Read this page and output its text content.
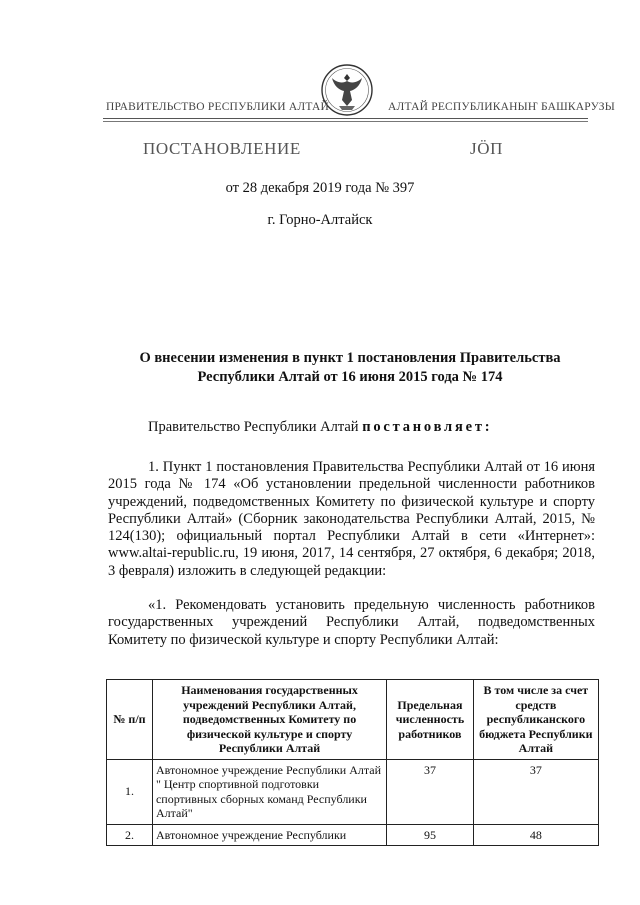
ПРАВИТЕЛЬСТВО РЕСПУБЛИКИ АЛТАЙ	АЛТАЙ РЕСПУБЛИКАНЫҤ БАШКАРУЗЫ
ПОСТАНОВЛЕНИЕ	ЈӦП
от 28 декабря 2019 года № 397
г. Горно-Алтайск
О внесении изменения в пункт 1 постановления Правительства
Республики Алтай от 16 июня 2015 года № 174
Правительство Республики Алтай постановляет:
1. Пункт 1 постановления Правительства Республики Алтай от 16 июня 2015 года № 174 «Об установлении предельной численности работников учреждений, подведомственных Комитету по физической культуре и спорту Республики Алтай» (Сборник законодательства Республики Алтай, 2015, № 124(130); официальный портал Республики Алтай в сети «Интернет»: www.altai-republic.ru, 19 июня, 2017, 14 сентября, 27 октября, 6 декабря; 2018, 3 февраля) изложить в следующей редакции:
«1. Рекомендовать установить предельную численность работников государственных учреждений Республики Алтай, подведомственных Комитету по физической культуре и спорту Республики Алтай:
№ п/п	Наименования государственных учреждений Республики Алтай, подведомственных Комитету по физической культуре и спорту Республики Алтай	Предельная численность работников	В том числе за счет средств республиканского бюджета Республики Алтай
1.	Автономное учреждение Республики Алтай " Центр спортивной подготовки спортивных сборных команд Республики Алтай"	37	37
2.	Автономное учреждение Республики	95	48
